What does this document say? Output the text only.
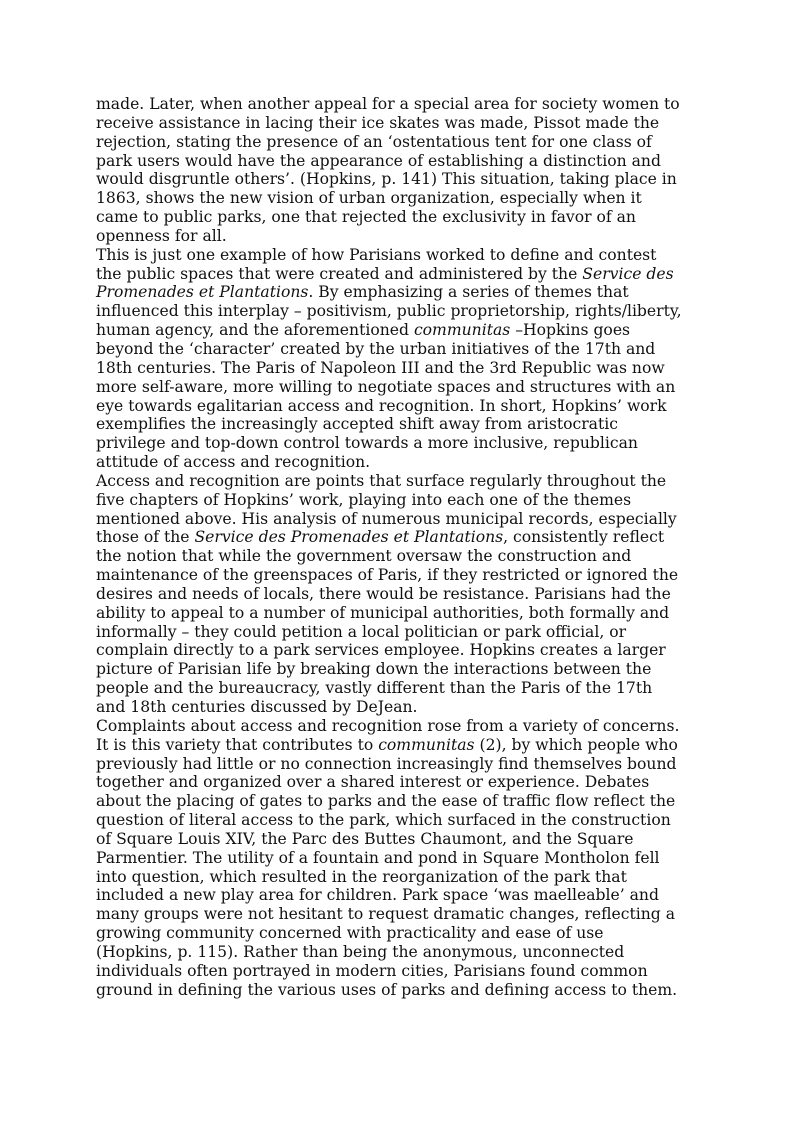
made. Later, when another appeal for a special area for society women to
receive assistance in lacing their ice skates was made, Pissot made the
rejection, stating the presence of an ‘ostentatious tent for one class of
park users would have the appearance of establishing a distinction and
would disgruntle others’. (Hopkins, p. 141) This situation, taking place in
1863, shows the new vision of urban organization, especially when it
came to public parks, one that rejected the exclusivity in favor of an
openness for all.
This is just one example of how Parisians worked to define and contest
the public spaces that were created and administered by the Service des
Promenades et Plantations. By emphasizing a series of themes that
influenced this interplay – positivism, public proprietorship, rights/liberty,
human agency, and the aforementioned communitas –Hopkins goes
beyond the ‘character’ created by the urban initiatives of the 17th and
18th centuries. The Paris of Napoleon III and the 3rd Republic was now
more self-aware, more willing to negotiate spaces and structures with an
eye towards egalitarian access and recognition. In short, Hopkins’ work
exemplifies the increasingly accepted shift away from aristocratic
privilege and top-down control towards a more inclusive, republican
attitude of access and recognition.
Access and recognition are points that surface regularly throughout the
five chapters of Hopkins’ work, playing into each one of the themes
mentioned above. His analysis of numerous municipal records, especially
those of the Service des Promenades et Plantations, consistently reflect
the notion that while the government oversaw the construction and
maintenance of the greenspaces of Paris, if they restricted or ignored the
desires and needs of locals, there would be resistance. Parisians had the
ability to appeal to a number of municipal authorities, both formally and
informally – they could petition a local politician or park official, or
complain directly to a park services employee. Hopkins creates a larger
picture of Parisian life by breaking down the interactions between the
people and the bureaucracy, vastly different than the Paris of the 17th
and 18th centuries discussed by DeJean.
Complaints about access and recognition rose from a variety of concerns.
It is this variety that contributes to communitas (2), by which people who
previously had little or no connection increasingly find themselves bound
together and organized over a shared interest or experience. Debates
about the placing of gates to parks and the ease of traffic flow reflect the
question of literal access to the park, which surfaced in the construction
of Square Louis XIV, the Parc des Buttes Chaumont, and the Square
Parmentier. The utility of a fountain and pond in Square Montholon fell
into question, which resulted in the reorganization of the park that
included a new play area for children. Park space ‘was maelleable’ and
many groups were not hesitant to request dramatic changes, reflecting a
growing community concerned with practicality and ease of use
(Hopkins, p. 115). Rather than being the anonymous, unconnected
individuals often portrayed in modern cities, Parisians found common
ground in defining the various uses of parks and defining access to them.
